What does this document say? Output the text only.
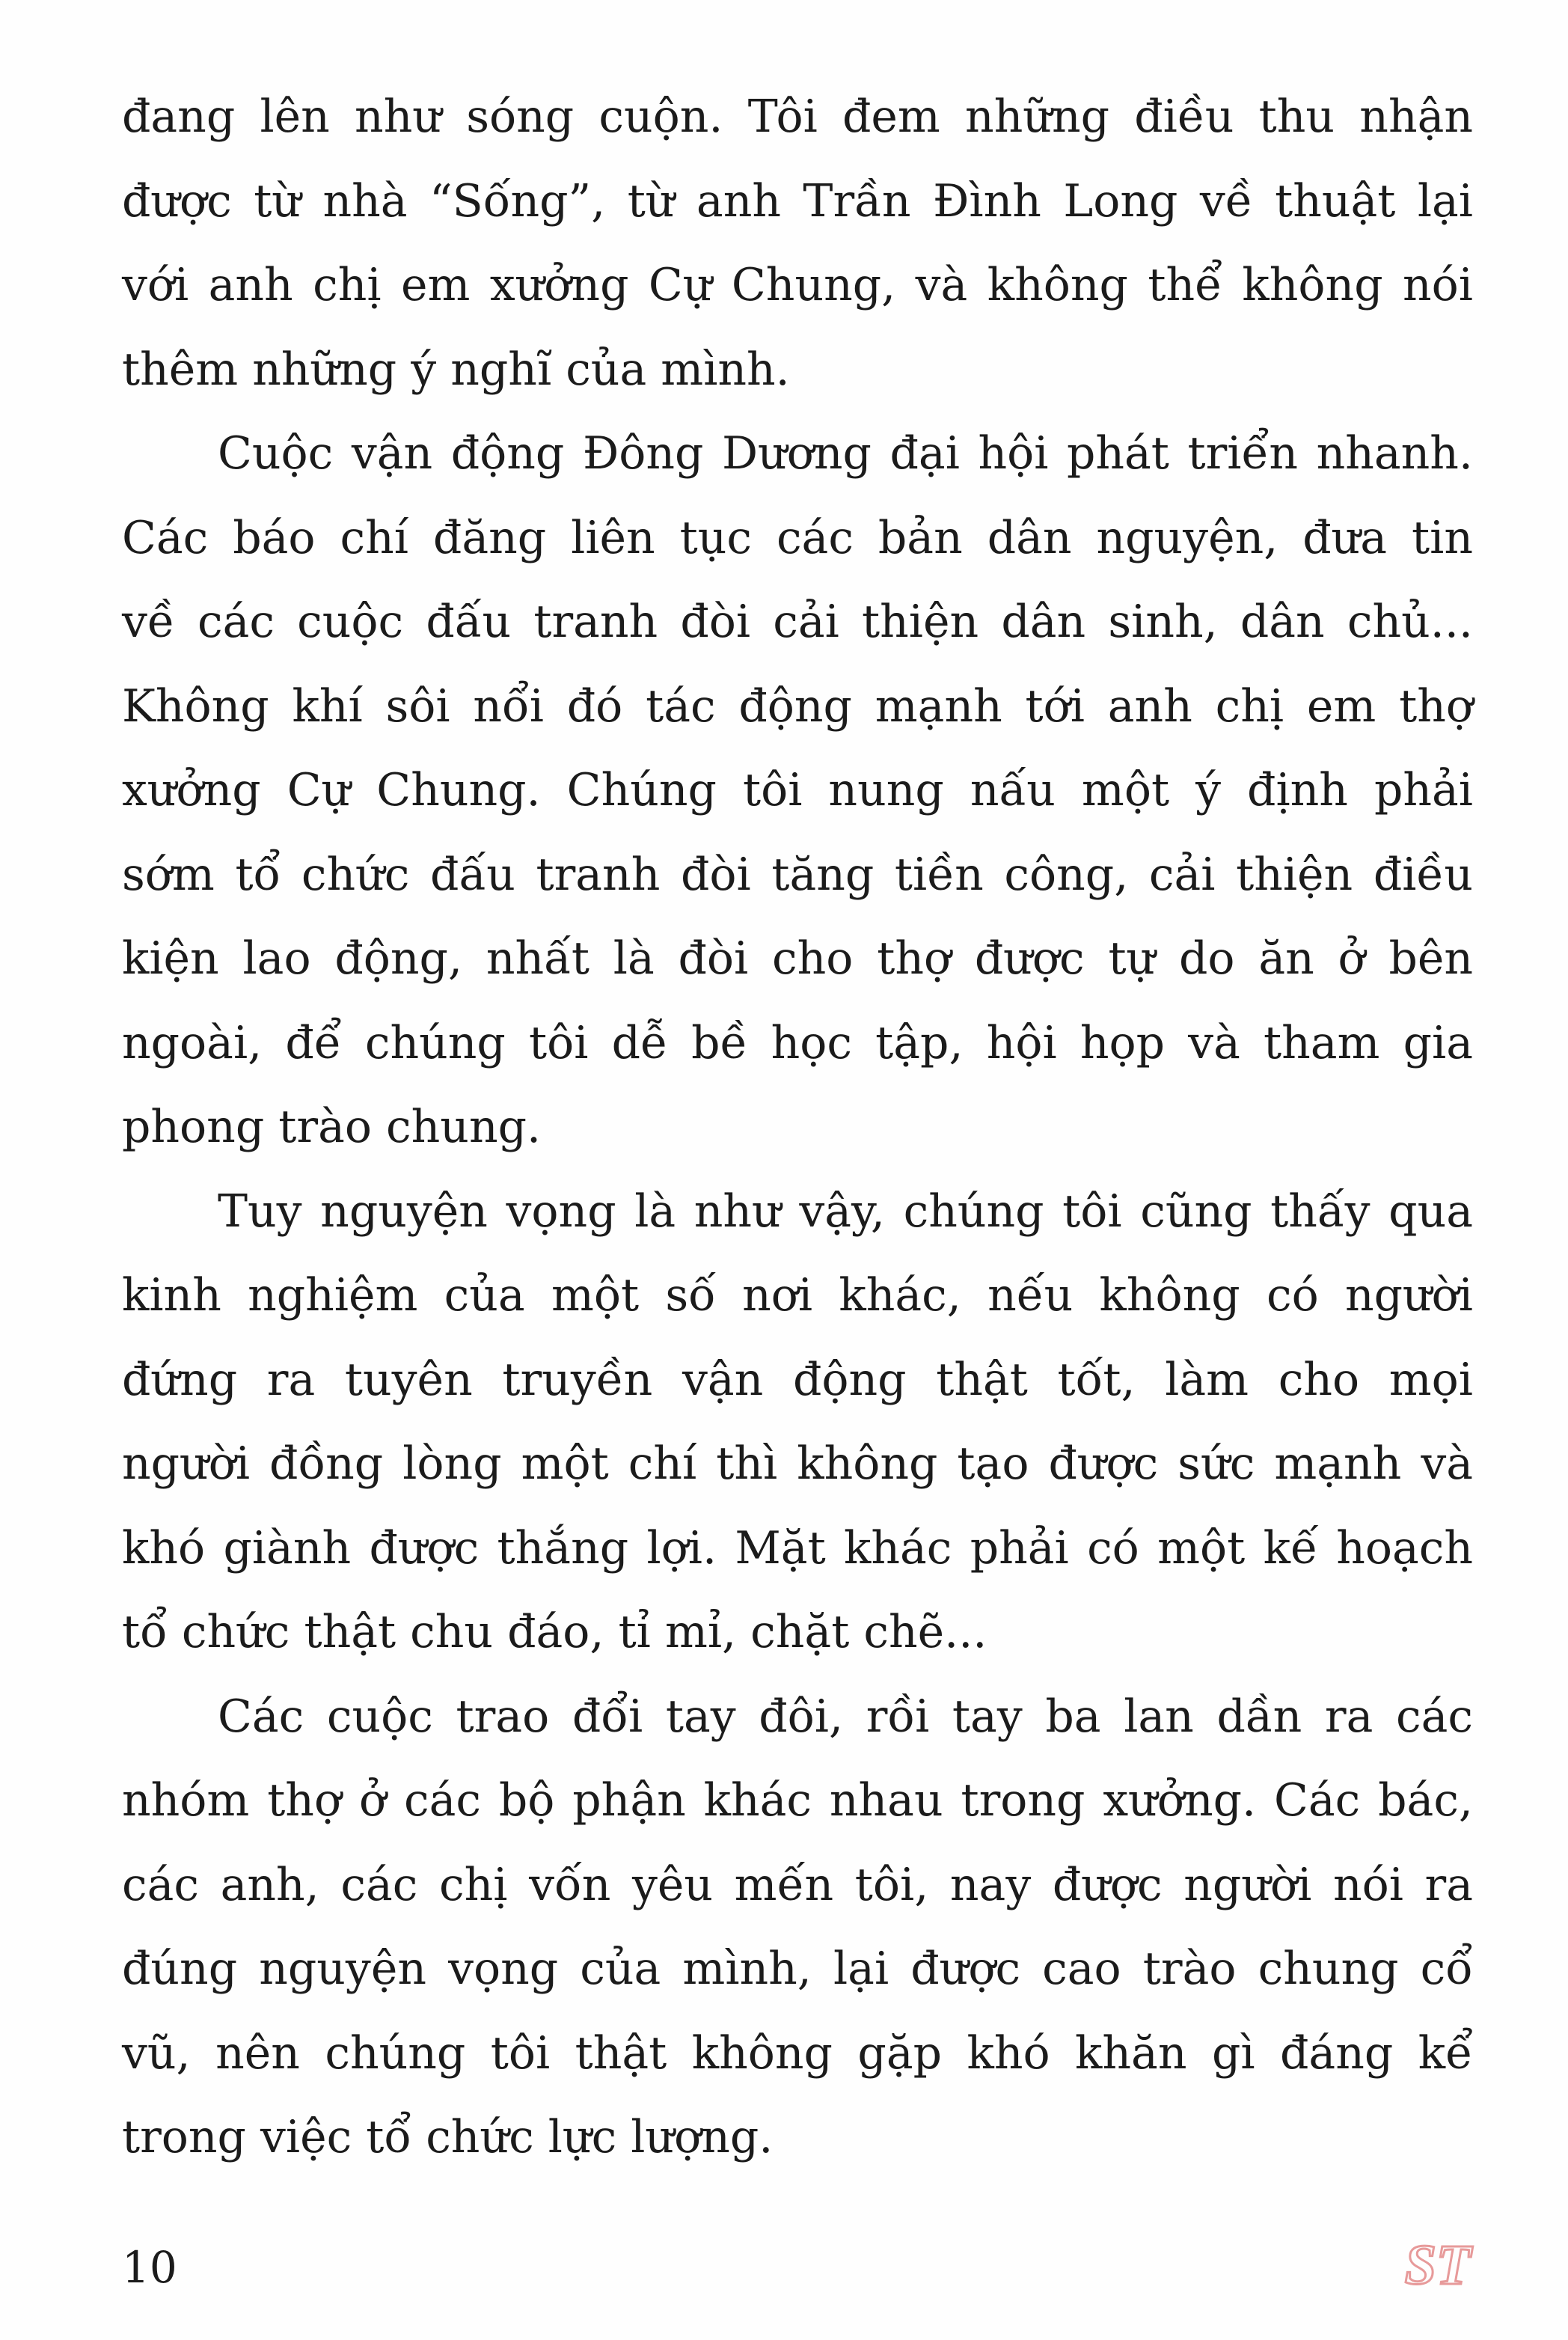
đang lên như sóng cuộn. Tôi đem những điều thu nhận
được từ nhà “Sống”, từ anh Trần Đình Long về thuật lại
với anh chị em xưởng Cự Chung, và không thể không nói
thêm những ý nghĩ của mình.
Cuộc vận động Đông Dương đại hội phát triển nhanh.
Các báo chí đăng liên tục các bản dân nguyện, đưa tin
về các cuộc đấu tranh đòi cải thiện dân sinh, dân chủ...
Không khí sôi nổi đó tác động mạnh tới anh chị em thợ
xưởng Cự Chung. Chúng tôi nung nấu một ý định phải
sớm tổ chức đấu tranh đòi tăng tiền công, cải thiện điều
kiện lao động, nhất là đòi cho thợ được tự do ăn ở bên
ngoài, để chúng tôi dễ bề học tập, hội họp và tham gia
phong trào chung.
Tuy nguyện vọng là như vậy, chúng tôi cũng thấy qua
kinh nghiệm của một số nơi khác, nếu không có người
đứng ra tuyên truyền vận động thật tốt, làm cho mọi
người đồng lòng một chí thì không tạo được sức mạnh và
khó giành được thắng lợi. Mặt khác phải có một kế hoạch
tổ chức thật chu đáo, tỉ mỉ, chặt chẽ...
Các cuộc trao đổi tay đôi, rồi tay ba lan dần ra các
nhóm thợ ở các bộ phận khác nhau trong xưởng. Các bác,
các anh, các chị vốn yêu mến tôi, nay được người nói ra
đúng nguyện vọng của mình, lại được cao trào chung cổ
vũ, nên chúng tôi thật không gặp khó khăn gì đáng kể
trong việc tổ chức lực lượng.
10	ST
